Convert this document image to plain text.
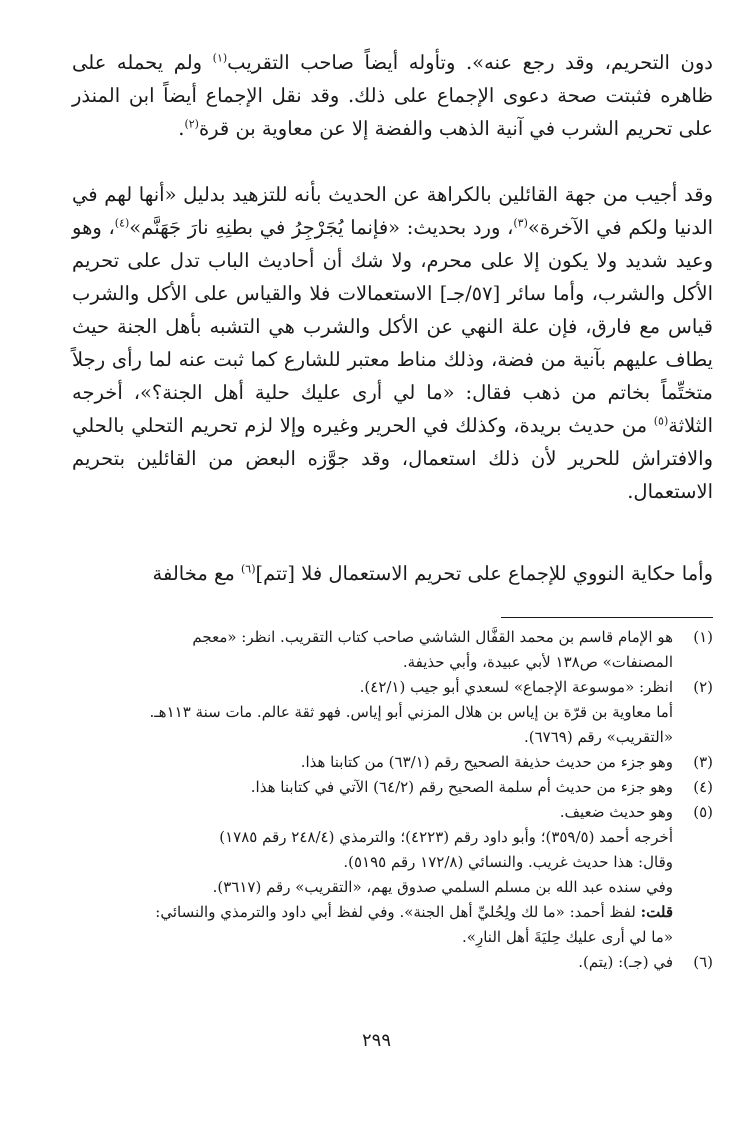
دون التحريم، وقد رجع عنه». وتأوله أيضاً صاحب التقريب$^{(١)}$ ولم يحمله على ظاهره فثبتت صحة دعوى الإجماع على ذلك. وقد نقل الإجماع أيضاً ابن المنذر على تحريم الشرب في آنية الذهب والفضة إلا عن معاوية بن قرة$^{(٢)}$.

وقد أجيب من جهة القائلين بالكراهة عن الحديث بأنه للتزهيد بدليل «أنها لهم في الدنيا ولكم في الآخرة»$^{(٣)}$، ورد بحديث: «فإنما يُجَرْجِرُ في بطنِهِ نارَ جَهَنَّم»$^{(٤)}$، وهو وعيد شديد ولا يكون إلا على محرم، ولا شك أن أحاديث الباب تدل على تحريم الأكل والشرب، وأما سائر [٥٧/جـ] الاستعمالات فلا والقياس على الأكل والشرب قياس مع فارق، فإن علة النهي عن الأكل والشرب هي التشبه بأهل الجنة حيث يطاف عليهم بآنية من فضة، وذلك مناط معتبر للشارع كما ثبت عنه لما رأى رجلاً متختِّماً بخاتم من ذهب فقال: «ما لي أرى عليك حلية أهل الجنة؟»، أخرجه الثلاثة$^{(٥)}$ من حديث بريدة، وكذلك في الحرير وغيره وإلا لزم تحريم التحلي بالحلي والافتراش للحرير لأن ذلك استعمال، وقد جوَّزه البعض من القائلين بتحريم الاستعمال.

وأما حكاية النووي للإجماع على تحريم الاستعمال فلا [تتم]$^{(٦)}$ مع مخالفة

(١)
هو الإمام قاسم بن محمد القفَّال الشاشي صاحب كتاب التقريب. انظر: «معجم
المصنفات» ص١٣٨ لأبي عبيدة، وأبي حذيفة.
(٢)
انظر: «موسوعة الإجماع» لسعدي أبو جيب (٤٢/١).
أما معاوية بن قرّة بن إياس بن هلال المزني أبو إياس. فهو ثقة عالم. مات سنة ١١٣هـ.
«التقريب» رقم (٦٧٦٩).
(٣)
وهو جزء من حديث حذيفة الصحيح رقم (٦٣/١) من كتابنا هذا.
(٤)
وهو جزء من حديث أم سلمة الصحيح رقم (٦٤/٢) الآتي في كتابنا هذا.
(٥)
وهو حديث ضعيف.
أخرجه أحمد (٣٥٩/٥)؛ وأبو داود رقم (٤٢٢٣)؛ والترمذي (٢٤٨/٤ رقم ١٧٨٥)
وقال: هذا حديث غريب. والنسائي (١٧٢/٨ رقم ٥١٩٥).
وفي سنده عبد الله بن مسلم السلمي صدوق يهم، «التقريب» رقم (٣٦١٧).
قلت: لفظ أحمد: «ما لك ولِحُليِّ أهل الجنة». وفي لفظ أبي داود والترمذي والنسائي:
«ما لي أرى عليك حِليَةَ أهل النارِ».
(٦)
في (جـ): (يتم).
٢٩٩
